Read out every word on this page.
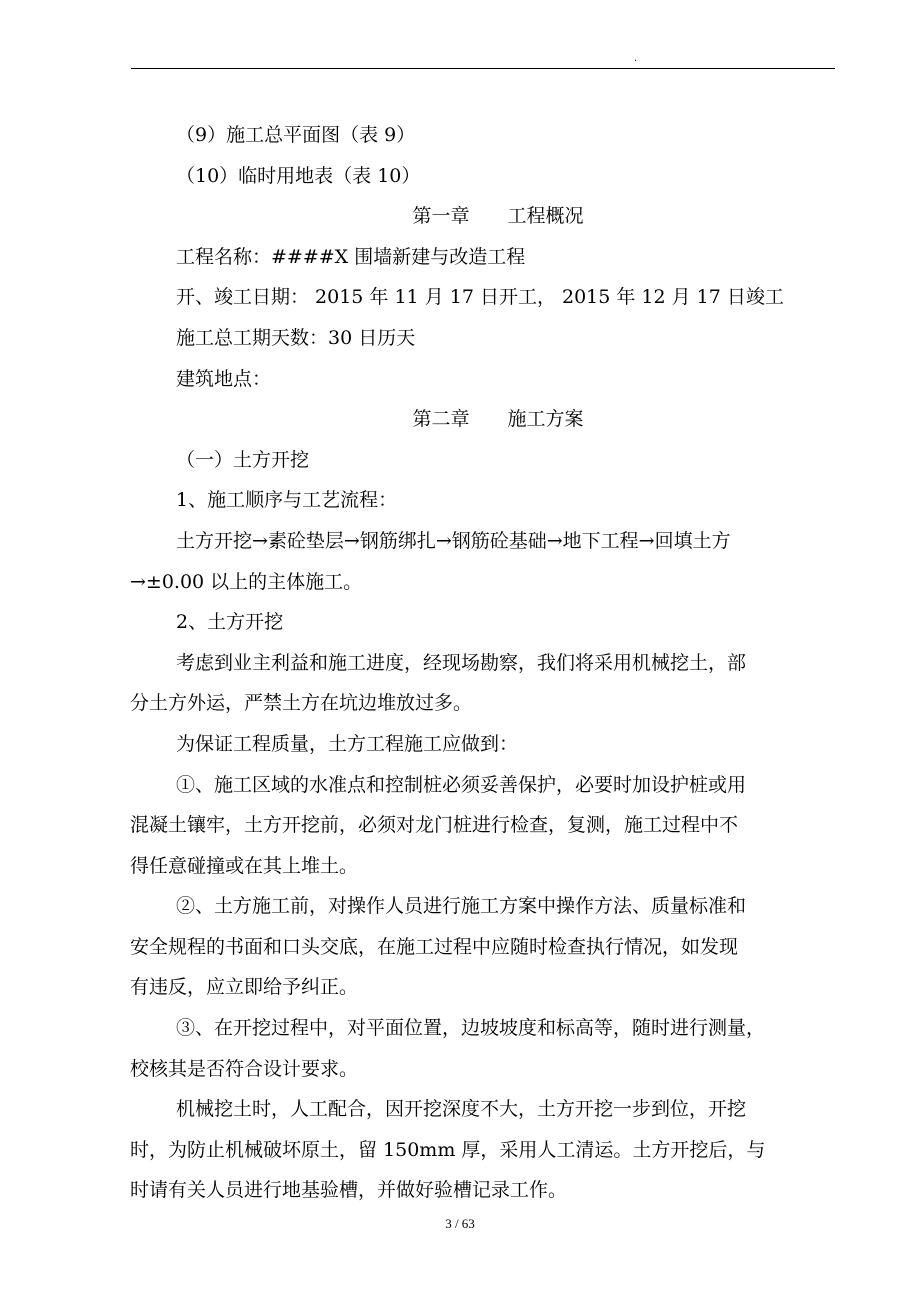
.
（9）施工总平面图（表 9）
（10）临时用地表（表 10）
第一章　　工程概况
工程名称：####X 围墙新建与改造工程
开、竣工日期： 2015 年 11 月 17 日开工， 2015 年 12 月 17 日竣工
施工总工期天数：30 日历天
建筑地点：
第二章　　施工方案
（一）土方开挖
1、施工顺序与工艺流程：
土方开挖→素砼垫层→钢筋绑扎→钢筋砼基础→地下工程→回填土方
→±0.00 以上的主体施工。
2、土方开挖
考虑到业主利益和施工进度，经现场勘察，我们将采用机械挖土，部
分土方外运，严禁土方在坑边堆放过多。
为保证工程质量，土方工程施工应做到：
①、施工区域的水准点和控制桩必须妥善保护，必要时加设护桩或用
混凝土镶牢，土方开挖前，必须对龙门桩进行检查，复测，施工过程中不
得任意碰撞或在其上堆土。
②、土方施工前，对操作人员进行施工方案中操作方法、质量标准和
安全规程的书面和口头交底，在施工过程中应随时检查执行情况，如发现
有违反，应立即给予纠正。
③、在开挖过程中，对平面位置，边坡坡度和标高等，随时进行测量，
校核其是否符合设计要求。
机械挖土时，人工配合，因开挖深度不大，土方开挖一步到位，开挖
时，为防止机械破坏原土，留 150mm 厚，采用人工清运。土方开挖后，与
时请有关人员进行地基验槽，并做好验槽记录工作。
3 / 63
